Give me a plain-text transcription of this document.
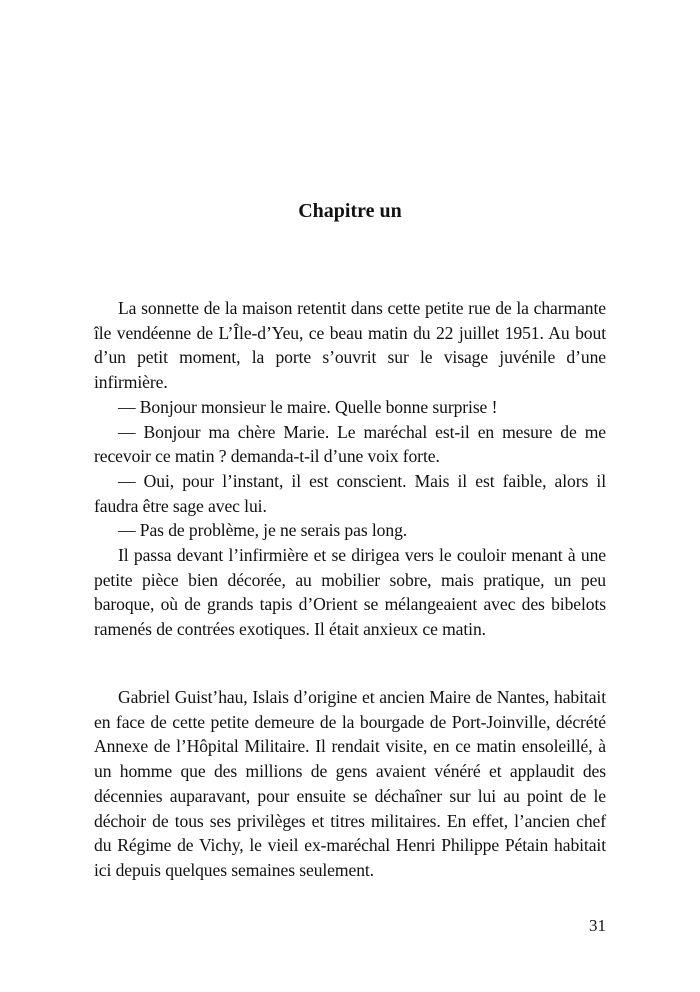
Chapitre un

La sonnette de la maison retentit dans cette petite rue de la charmante île vendéenne de L’Île-d’Yeu, ce beau matin du 22 juillet 1951. Au bout d’un petit moment, la porte s’ouvrit sur le visage juvénile d’une infirmière.

— Bonjour monsieur le maire. Quelle bonne surprise !

— Bonjour ma chère Marie. Le maréchal est-il en mesure de me recevoir ce matin ? demanda-t-il d’une voix forte.

— Oui, pour l’instant, il est conscient. Mais il est faible, alors il faudra être sage avec lui.

— Pas de problème, je ne serais pas long.

Il passa devant l’infirmière et se dirigea vers le couloir menant à une petite pièce bien décorée, au mobilier sobre, mais pratique, un peu baroque, où de grands tapis d’Orient se mélangeaient avec des bibelots ramenés de contrées exotiques. Il était anxieux ce matin.

Gabriel Guist’hau, Islais d’origine et ancien Maire de Nantes, habitait en face de cette petite demeure de la bourgade de Port-Joinville, décrété Annexe de l’Hôpital Militaire. Il rendait visite, en ce matin ensoleillé, à un homme que des millions de gens avaient vénéré et applaudit des décennies auparavant, pour ensuite se déchaîner sur lui au point de le déchoir de tous ses privilèges et titres militaires. En effet, l’ancien chef du Régime de Vichy, le vieil ex-maréchal Henri Philippe Pétain habitait ici depuis quelques semaines seulement.

31
